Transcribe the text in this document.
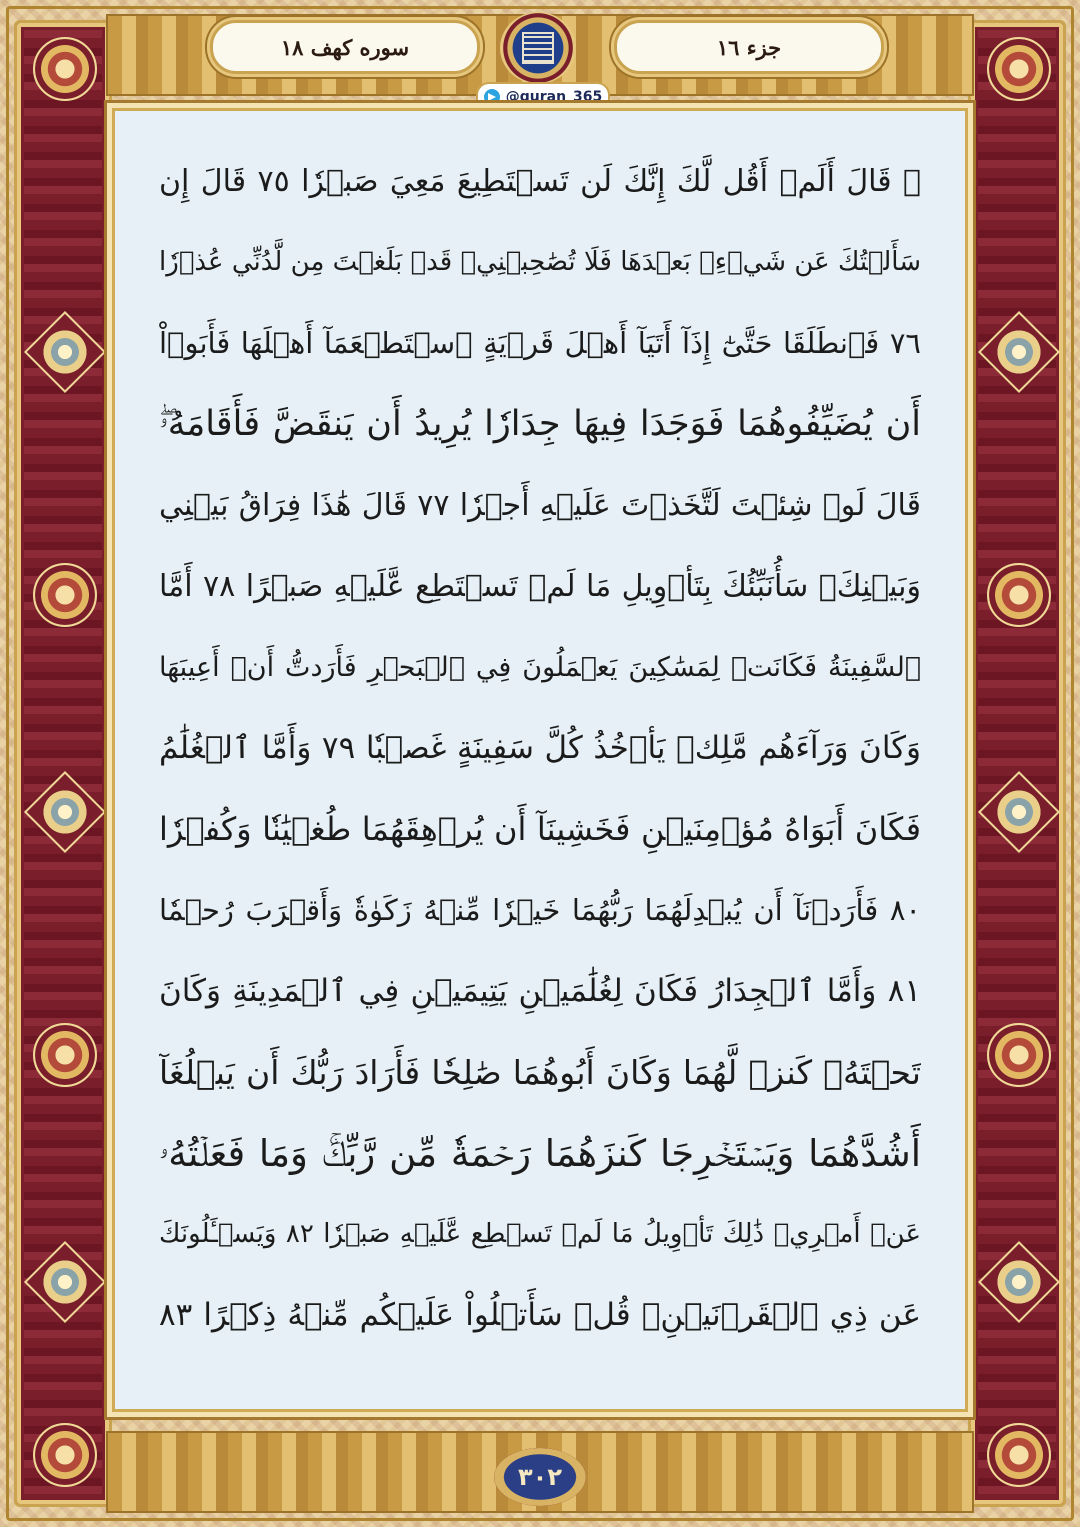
جزء ١٦
سوره كهف ١٨
@quran_365
۞ قَالَ أَلَمۡ أَقُل لَّكَ إِنَّكَ لَن تَسۡتَطِيعَ مَعِيَ صَبۡرٗا ٧٥ قَالَ إِن
سَأَلۡتُكَ عَن شَيۡءِۭ بَعۡدَهَا فَلَا تُصَٰحِبۡنِيۖ قَدۡ بَلَغۡتَ مِن لَّدُنِّي عُذۡرٗا
٧٦ فَٱنطَلَقَا حَتَّىٰٓ إِذَآ أَتَيَآ أَهۡلَ قَرۡيَةٍ ٱسۡتَطۡعَمَآ أَهۡلَهَا فَأَبَوۡاْ
أَن يُضَيِّفُوهُمَا فَوَجَدَا فِيهَا جِدَارٗا يُرِيدُ أَن يَنقَضَّ فَأَقَامَهُۥۖ
قَالَ لَوۡ شِئۡتَ لَتَّخَذۡتَ عَلَيۡهِ أَجۡرٗا ٧٧ قَالَ هَٰذَا فِرَاقُ بَيۡنِي
وَبَيۡنِكَۚ سَأُنَبِّئُكَ بِتَأۡوِيلِ مَا لَمۡ تَسۡتَطِع عَّلَيۡهِ صَبۡرًا ٧٨ أَمَّا
ٱلسَّفِينَةُ فَكَانَتۡ لِمَسَٰكِينَ يَعۡمَلُونَ فِي ٱلۡبَحۡرِ فَأَرَدتُّ أَنۡ أَعِيبَهَا
وَكَانَ وَرَآءَهُم مَّلِكٞ يَأۡخُذُ كُلَّ سَفِينَةٍ غَصۡبٗا ٧٩ وَأَمَّا ٱلۡغُلَٰمُ
فَكَانَ أَبَوَاهُ مُؤۡمِنَيۡنِ فَخَشِينَآ أَن يُرۡهِقَهُمَا طُغۡيَٰنٗا وَكُفۡرٗا
٨٠ فَأَرَدۡنَآ أَن يُبۡدِلَهُمَا رَبُّهُمَا خَيۡرٗا مِّنۡهُ زَكَوٰةٗ وَأَقۡرَبَ رُحۡمٗا
٨١ وَأَمَّا ٱلۡجِدَارُ فَكَانَ لِغُلَٰمَيۡنِ يَتِيمَيۡنِ فِي ٱلۡمَدِينَةِ وَكَانَ
تَحۡتَهُۥ كَنزٞ لَّهُمَا وَكَانَ أَبُوهُمَا صَٰلِحٗا فَأَرَادَ رَبُّكَ أَن يَبۡلُغَآ
أَشُدَّهُمَا وَيَسۡتَخۡرِجَا كَنزَهُمَا رَحۡمَةٗ مِّن رَّبِّكَۚ وَمَا فَعَلۡتُهُۥ
عَنۡ أَمۡرِيۚ ذَٰلِكَ تَأۡوِيلُ مَا لَمۡ تَسۡطِع عَّلَيۡهِ صَبۡرٗا ٨٢ وَيَسۡـَٔلُونَكَ
عَن ذِي ٱلۡقَرۡنَيۡنِۖ قُلۡ سَأَتۡلُواْ عَلَيۡكُم مِّنۡهُ ذِكۡرًا ٨٣
٣٠٢
